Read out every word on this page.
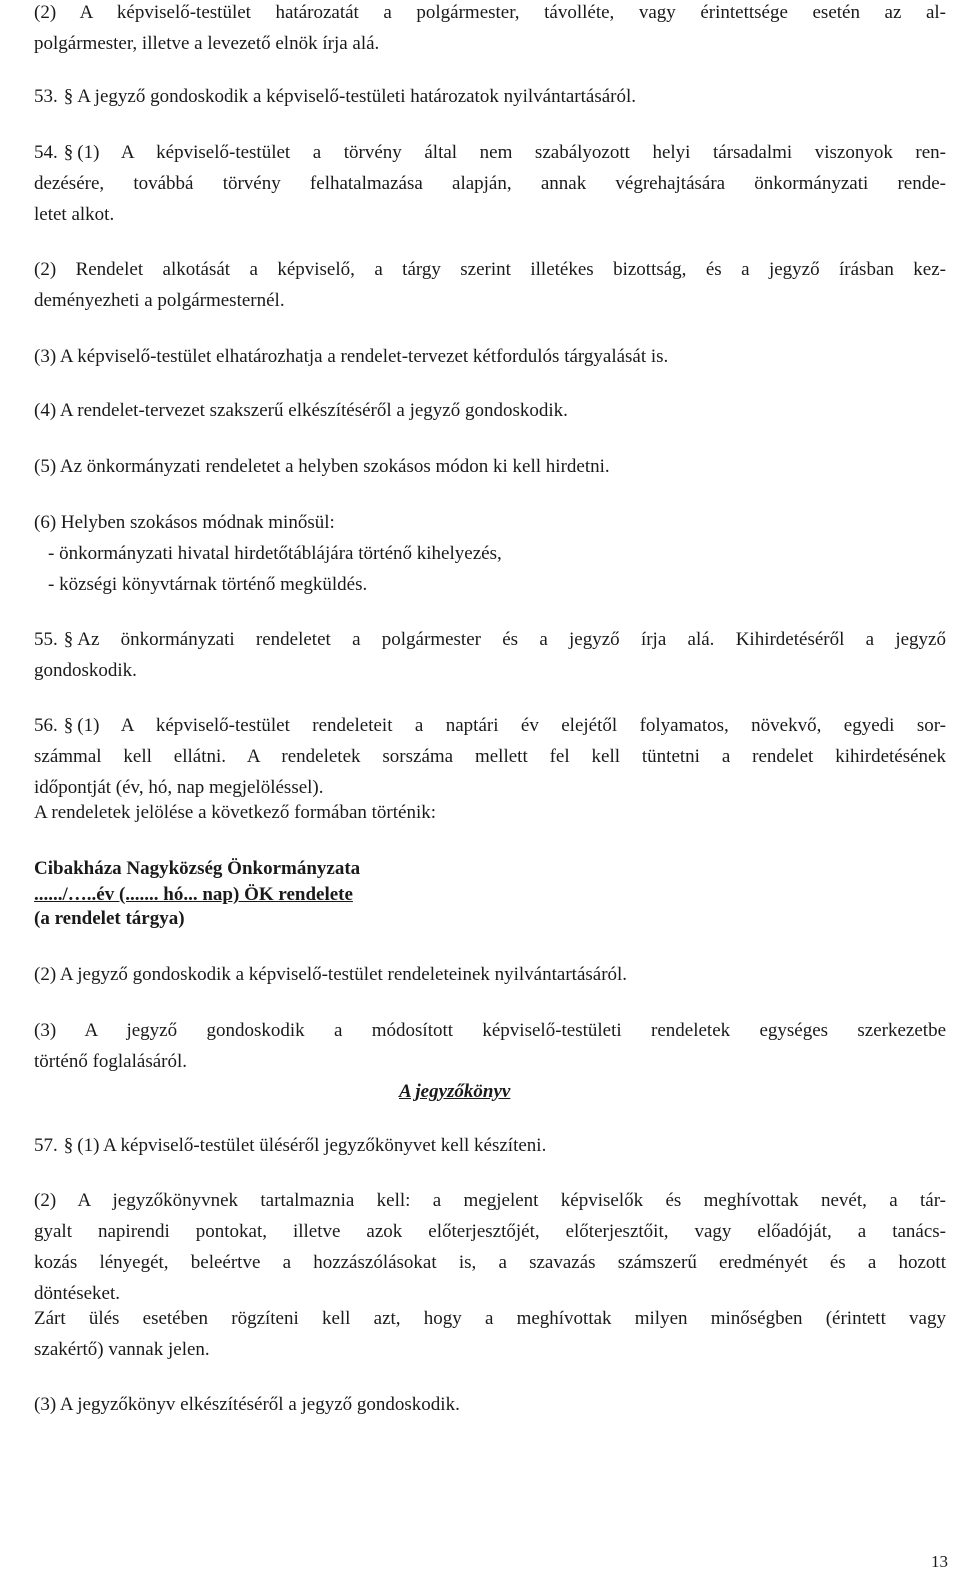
(2) A képviselő-testület határozatát a polgármester, távolléte, vagy érintettsége esetén az al-
polgármester, illetve a levezető elnök írja alá.
53. § A jegyző gondoskodik a képviselő-testületi határozatok nyilvántartásáról.
54. § (1) A képviselő-testület a törvény által nem szabályozott helyi társadalmi viszonyok ren-
dezésére, továbbá törvény felhatalmazása alapján, annak végrehajtására önkormányzati rende-
letet alkot.
(2) Rendelet alkotását a képviselő, a tárgy szerint illetékes bizottság, és a jegyző írásban kez-
deményezheti a polgármesternél.
(3) A képviselő-testület elhatározhatja a rendelet-tervezet kétfordulós tárgyalását is.
(4) A rendelet-tervezet szakszerű elkészítéséről a jegyző gondoskodik.
(5) Az önkormányzati rendeletet a helyben szokásos módon ki kell hirdetni.
(6) Helyben szokásos módnak minősül:
- önkormányzati hivatal hirdetőtáblájára történő kihelyezés,
- községi könyvtárnak történő megküldés.
55. § Az önkormányzati rendeletet a polgármester és a jegyző írja alá. Kihirdetéséről a jegyző
gondoskodik.
56. § (1) A képviselő-testület rendeleteit a naptári év elejétől folyamatos, növekvő, egyedi sor-
számmal kell ellátni. A rendeletek sorszáma mellett fel kell tüntetni a rendelet kihirdetésének
időpontját (év, hó, nap megjelöléssel).
A rendeletek jelölése a következő formában történik:
Cibakháza Nagyközség Önkormányzata
....../…..év (....... hó... nap) ÖK rendelete
(a rendelet tárgya)
(2) A jegyző gondoskodik a képviselő-testület rendeleteinek nyilvántartásáról.
(3) A jegyző gondoskodik a módosított képviselő-testületi rendeletek egységes szerkezetbe
történő foglalásáról.
A jegyzőkönyv
57. § (1) A képviselő-testület üléséről jegyzőkönyvet kell készíteni.
(2) A jegyzőkönyvnek tartalmaznia kell: a megjelent képviselők és meghívottak nevét, a tár-
gyalt napirendi pontokat, illetve azok előterjesztőjét, előterjesztőit, vagy előadóját, a tanács-
kozás lényegét, beleértve a hozzászólásokat is, a szavazás számszerű eredményét és a hozott
döntéseket.
Zárt ülés esetében rögzíteni kell azt, hogy a meghívottak milyen minőségben (érintett vagy
szakértő) vannak jelen.
(3) A jegyzőkönyv elkészítéséről a jegyző gondoskodik.
13
